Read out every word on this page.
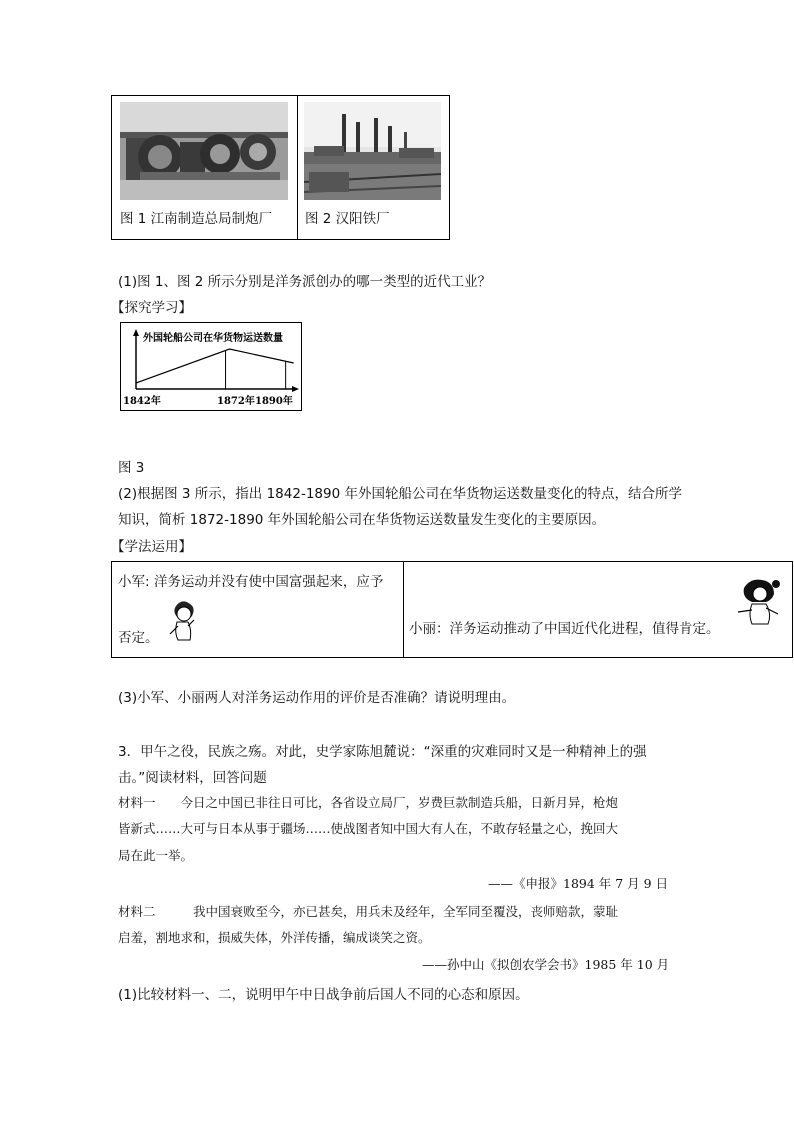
图 1 江南制造总局制炮厂 图 2 汉阳铁厂
(1)图 1、图 2 所示分别是洋务派创办的哪一类型的近代工业？
【探究学习】
外国轮船公司在华货物运送数量
1842年	1872年 1890年
图 3
(2)根据图 3 所示，指出 1842-1890 年外国轮船公司在华货物运送数量变化的特点，结合所学
知识，简析 1872-1890 年外国轮船公司在华货物运送数量发生变化的主要原因。
【学法运用】
小军: 洋务运动并没有使中国富强起来，应予
否定。
小丽：洋务运动推动了中国近代化进程，值得肯定。
(3)小军、小丽两人对洋务运动作用的评价是否准确？请说明理由。
3．甲午之役，民族之殇。对此，史学家陈旭麓说：“深重的灾难同时又是一种精神上的强
击。”阅读材料，回答问题
材料一　　今日之中国已非往日可比，各省设立局厂，岁费巨款制造兵船，日新月异，枪炮
皆新式……大可与日本从事于疆场……使战图者知中国大有人在，不敢存轻量之心，挽回大
局在此一举。
——《申报》1894 年 7 月 9 日
材料二　　　我中国衰败至今，亦已甚矣，用兵未及经年，全军同至覆没，丧师赔款，蒙耻
启羞，割地求和，损威失体，外洋传播，编成谈笑之资。
——孙中山《拟创农学会书》1985 年 10 月
(1)比较材料一、二，说明甲午中日战争前后国人不同的心态和原因。
